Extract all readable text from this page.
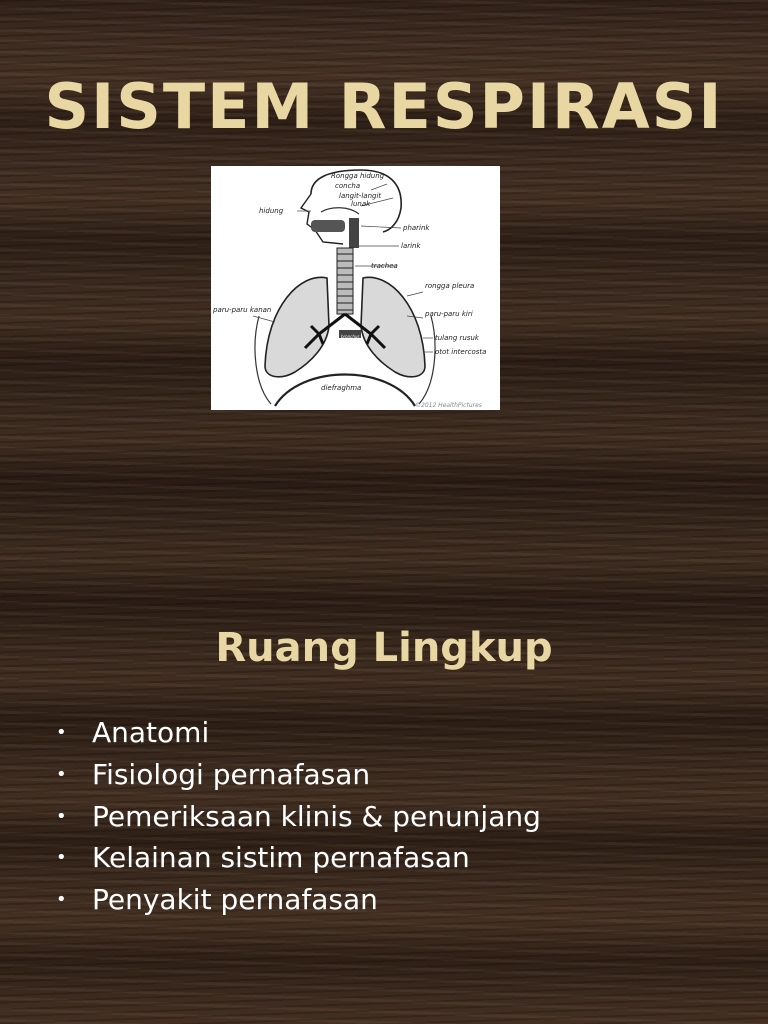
SISTEM RESPIRASI
Rongga hidung
concha
langit-langit
lunak
hidung
pharink
larink
trachea
rongga pleura
paru-paru kanan	paru-paru kiri
tulang rusuk
otot intercosta
bronchus
diefraghma
©2012 HealthPictures
Ruang Lingkup
• Anatomi
• Fisiologi pernafasan
• Pemeriksaan klinis & penunjang
• Kelainan sistim pernafasan
• Penyakit pernafasan
